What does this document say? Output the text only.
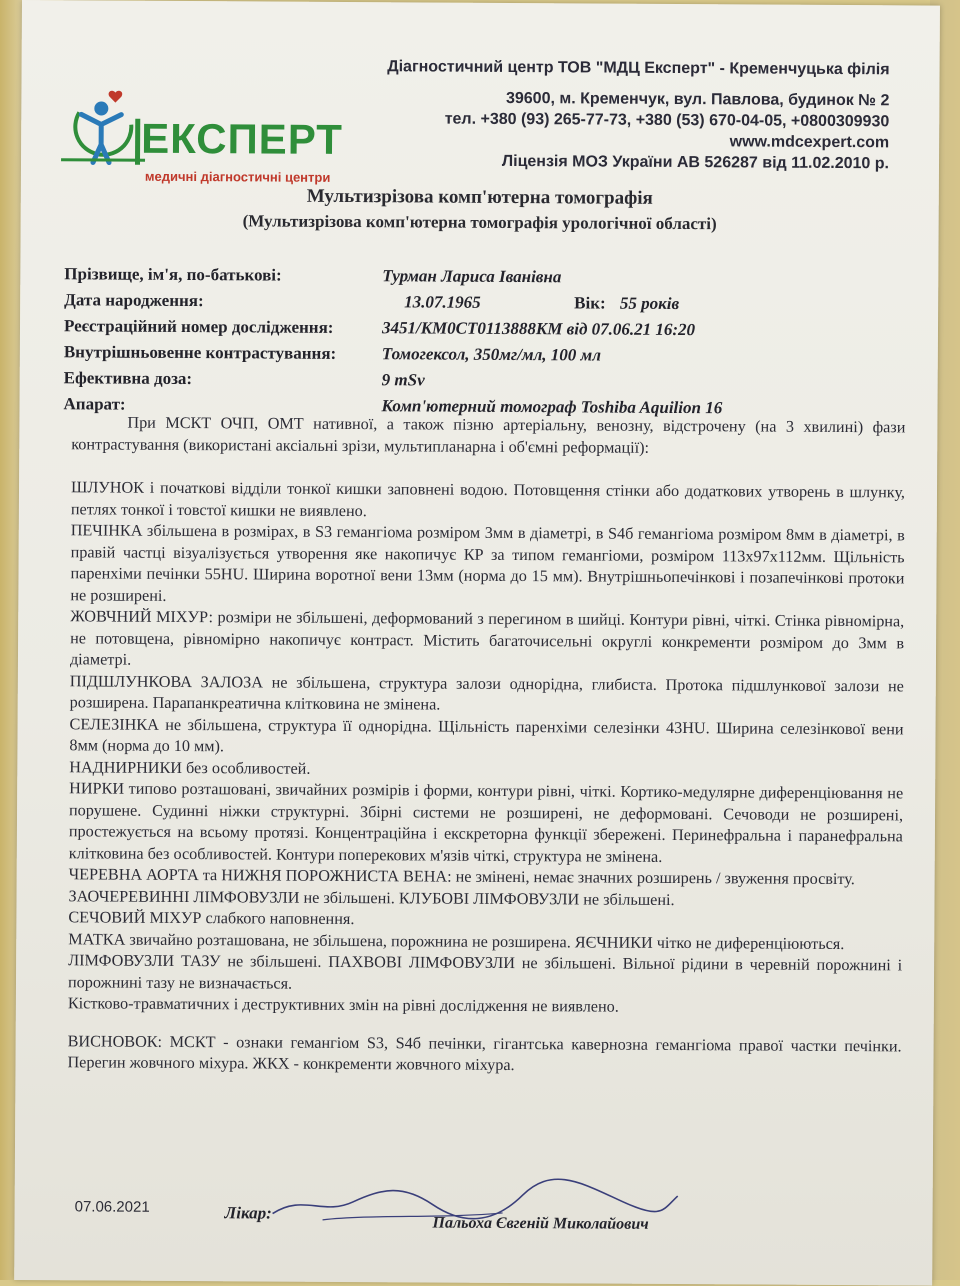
ЕКСПЕРТ
медичні діагностичні центри
Діагностичний центр ТОВ "МДЦ Експерт" - Кременчуцька філія
39600, м. Кременчук, вул. Павлова, будинок № 2
тел. +380 (93) 265-77-73, +380 (53) 670-04-05, +0800309930
www.mdcexpert.com
Ліцензія МОЗ України АВ 526287 від 11.02.2010 р.
Мультизрізова комп'ютерна томографія
(Мультизрізова комп'ютерна томографія урологічної області)
Прізвище, ім'я, по-батькові:	Турман Лариса Іванівна
Дата народження:	13.07.1965	Вік: 55 років
Реєстраційний номер дослідження:	3451/KM0CT0113888KM від 07.06.21 16:20
Внутрішньовенне контрастування:	Томогексол, 350мг/мл, 100 мл
Ефективна доза:	9 mSv
Апарат:	Комп'ютерний томограф Toshiba Aquilion 16

При МСКТ ОЧП, ОМТ нативної, а також пізню артеріальну, венозну, відстрочену (на 3 хвилині) фази контрастування (використані аксіальні зрізи, мультипланарна і об'ємні реформації):

ШЛУНОК і початкові відділи тонкої кишки заповнені водою. Потовщення стінки або додаткових утворень в шлунку, петлях тонкої і товстої кишки не виявлено.

ПЕЧІНКА збільшена в розмірах, в S3 гемангіома розміром 3мм в діаметрі, в S4б гемангіома розміром 8мм в діаметрі, в правій частці візуалізується утворення яке накопичує КР за типом гемангіоми, розміром 113х97х112мм. Щільність паренхіми печінки 55HU. Ширина воротної вени 13мм (норма до 15 мм). Внутрішньопечінкові і позапечінкові протоки не розширені.

ЖОВЧНИЙ МІХУР: розміри не збільшені, деформований з перегином в шийці. Контури рівні, чіткі. Стінка рівномірна, не потовщена, рівномірно накопичує контраст. Містить багаточисельні округлі конкременти розміром до 3мм в діаметрі.

ПІДШЛУНКОВА ЗАЛОЗА не збільшена, структура залози однорідна, глибиста. Протока підшлункової залози не розширена. Парапанкреатична клітковина не змінена.

СЕЛЕЗІНКА не збільшена, структура її однорідна. Щільність паренхіми селезінки 43HU. Ширина селезінкової вени 8мм (норма до 10 мм).

НАДНИРНИКИ без особливостей.

НИРКИ типово розташовані, звичайних розмірів і форми, контури рівні, чіткі. Кортико-медулярне диференціювання не порушене. Судинні ніжки структурні. Збірні системи не розширені, не деформовані. Сечоводи не розширені, простежується на всьому протязі. Концентраційна і екскреторна функції збережені. Перинефральна і паранефральна клітковина без особливостей. Контури поперекових м'язів чіткі, структура не змінена.

ЧЕРЕВНА АОРТА та НИЖНЯ ПОРОЖНИСТА ВЕНА: не змінені, немає значних розширень / звуження просвіту.

ЗАОЧЕРЕВИННІ ЛІМФОВУЗЛИ не збільшені. КЛУБОВІ ЛІМФОВУЗЛИ не збільшені.

СЕЧОВИЙ МІХУР слабкого наповнення.

МАТКА звичайно розташована, не збільшена, порожнина не розширена. ЯЄЧНИКИ чітко не диференціюються.

ЛІМФОВУЗЛИ ТАЗУ не збільшені. ПАХВОВІ ЛІМФОВУЗЛИ не збільшені. Вільної рідини в черевній порожнині і порожнині тазу не визначається.

Кістково-травматичних і деструктивних змін на рівні дослідження не виявлено.

ВИСНОВОК: МСКТ - ознаки гемангіом S3, S4б печінки, гігантська кавернозна гемангіома правої частки печінки. Перегин жовчного міхура. ЖКХ - конкременти жовчного міхура.

07.06.2021	Лікар:
Пальоха Євгеній Миколайович
